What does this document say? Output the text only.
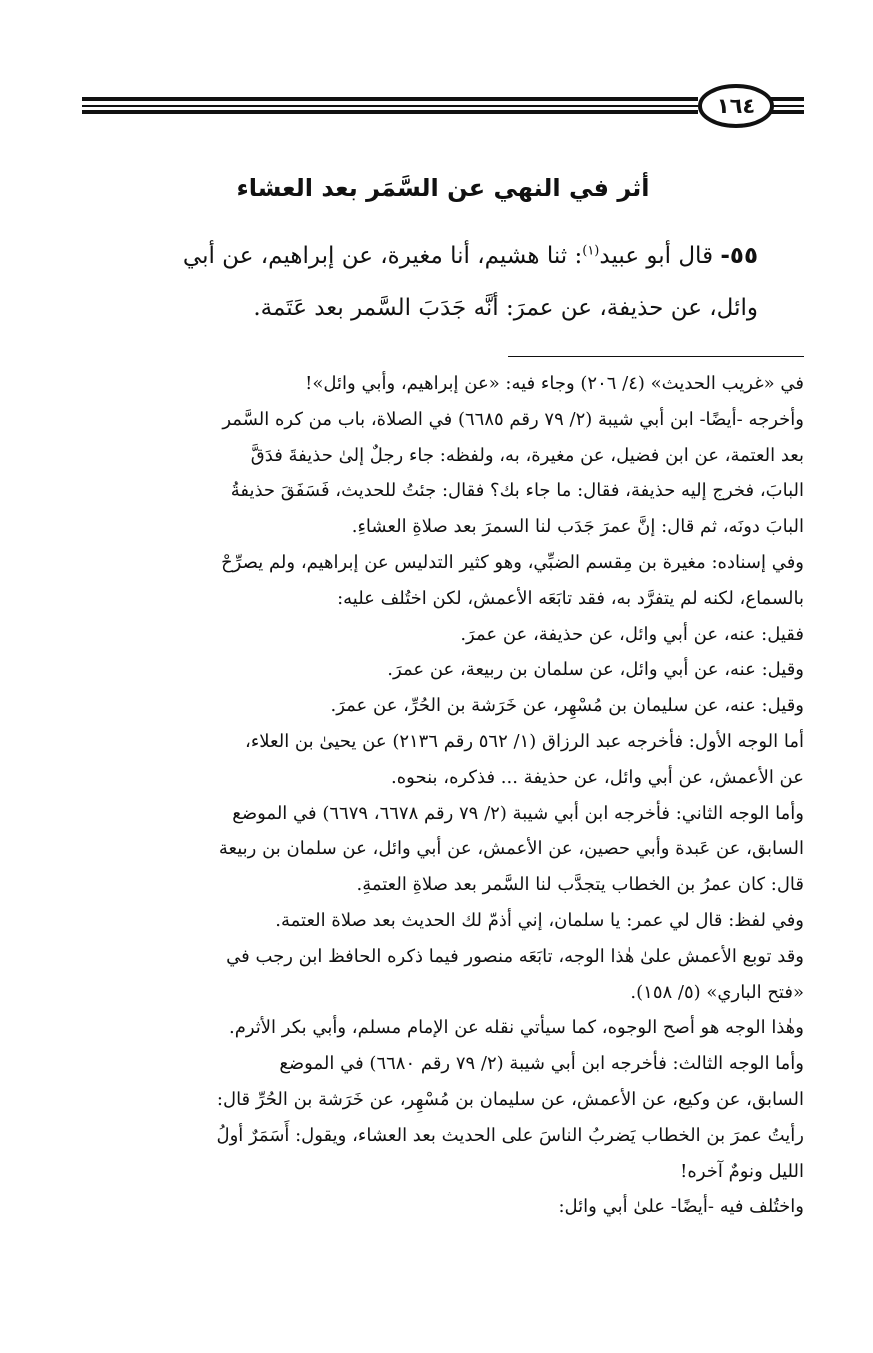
١٦٤
أثر في النهي عن السَّمَر بعد العشاء
٥٥- قال أبو عبيد$^{(١)}$: ثنا هشيم، أنا مغيرة، عن إبراهيم، عن أبي
وائل، عن حذيفة، عن عمرَ: أنَّه جَدَبَ السَّمر بعد عَتَمة.
في «غريب الحديث» (٤/ ٢٠٦) وجاء فيه: «عن إبراهيم، وأبي وائل»!
وأخرجه -أيضًا- ابن أبي شيبة (٢/ ٧٩ رقم ٦٦٨٥) في الصلاة، باب من كره السَّمر
بعد العتمة، عن ابن فضيل، عن مغيرة، به، ولفظه: جاء رجلٌ إلىٰ حذيفةَ فدَقَّ
البابَ، فخرج إليه حذيفة، فقال: ما جاء بك؟ فقال: جئتُ للحديث، فَسَفَقَ حذيفةُ
البابَ دونَه، ثم قال: إنَّ عمرَ جَدَب لنا السمرَ بعد صلاةِ العشاءِ.
وفي إسناده: مغيرة بن مِقسم الضبِّي، وهو كثير التدليس عن إبراهيم، ولم يصرِّحْ
بالسماع، لكنه لم يتفرَّد به، فقد تابَعَه الأعمش، لكن اختُلف عليه:
فقيل: عنه، عن أبي وائل، عن حذيفة، عن عمرَ.
وقيل: عنه، عن أبي وائل، عن سلمان بن ربيعة، عن عمرَ.
وقيل: عنه، عن سليمان بن مُسْهِر، عن خَرَشة بن الحُرِّ، عن عمرَ.
أما الوجه الأول: فأخرجه عبد الرزاق (١/ ٥٦٢ رقم ٢١٣٦) عن يحيىٰ بن العلاء،
عن الأعمش، عن أبي وائل، عن حذيفة ... فذكره، بنحوه.
وأما الوجه الثاني: فأخرجه ابن أبي شيبة (٢/ ٧٩ رقم ٦٦٧٨، ٦٦٧٩) في الموضع
السابق، عن عَبدة وأبي حصين، عن الأعمش، عن أبي وائل، عن سلمان بن ربيعة
قال: كان عمرُ بن الخطاب يتجدَّب لنا السَّمر بعد صلاةِ العتمةِ.
وفي لفظ: قال لي عمر: يا سلمان، إني أذمّ لك الحديث بعد صلاة العتمة.
وقد توبع الأعمش علىٰ هٰذا الوجه، تابَعَه منصور فيما ذكره الحافظ ابن رجب في
«فتح الباري» (٥/ ١٥٨).
وهٰذا الوجه هو أصح الوجوه، كما سيأتي نقله عن الإمام مسلم، وأبي بكر الأثرم.
وأما الوجه الثالث: فأخرجه ابن أبي شيبة (٢/ ٧٩ رقم ٦٦٨٠) في الموضع
السابق، عن وكيع، عن الأعمش، عن سليمان بن مُسْهِر، عن خَرَشة بن الحُرِّ قال:
رأيتُ عمرَ بن الخطاب يَضربُ الناسَ على الحديث بعد العشاء، ويقول: أَسَمَرٌ أولُ
الليل ونومٌ آخره!
واختُلف فيه -أيضًا- علىٰ أبي وائل:
